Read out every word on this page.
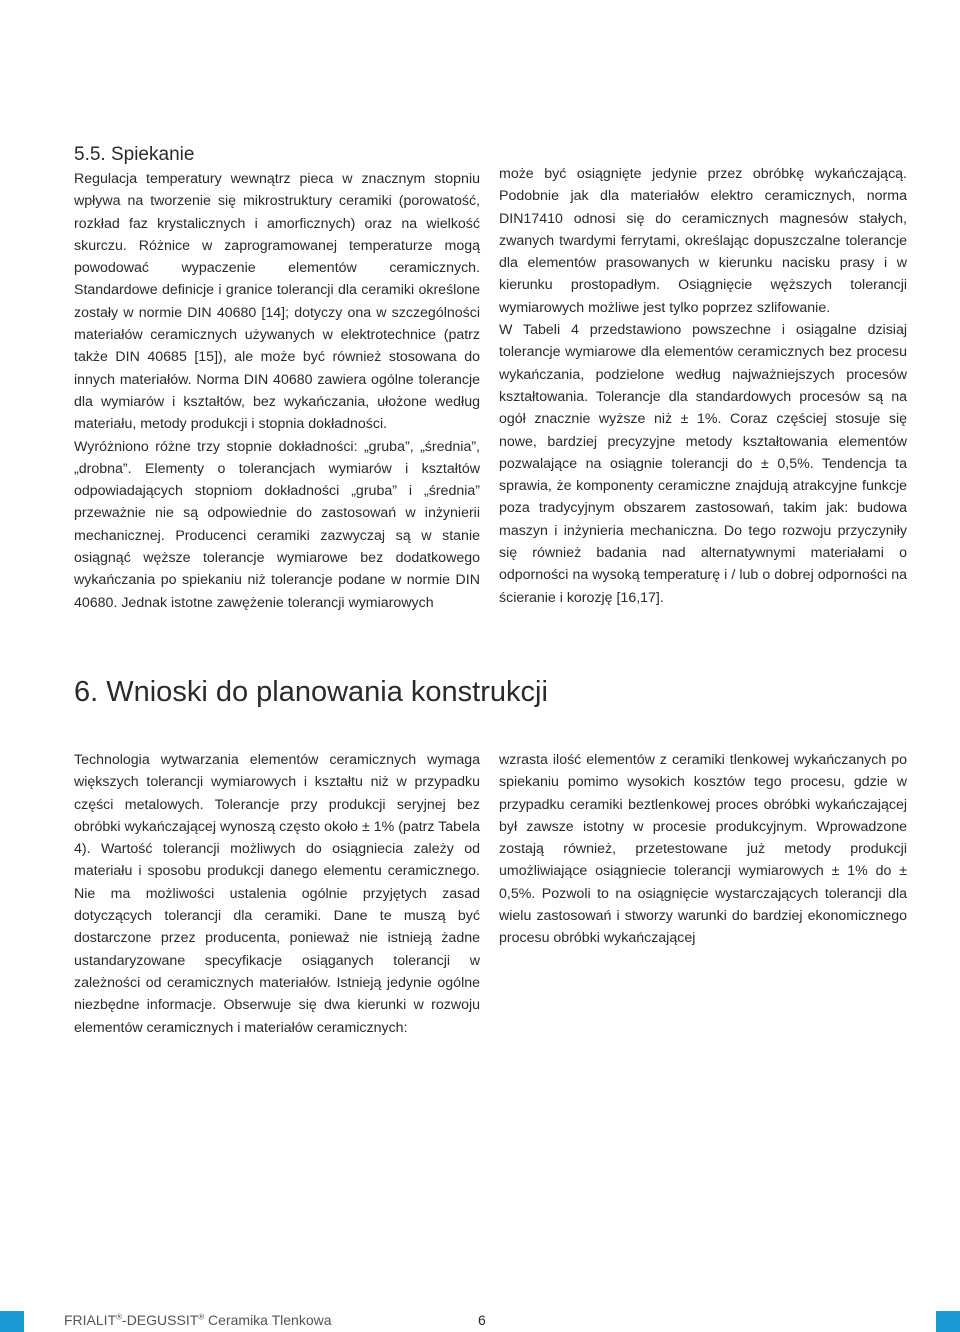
5.5. Spiekanie

Regulacja temperatury wewnątrz pieca w znacznym stopniu wpływa na tworzenie się mikrostruktury ceramiki (porowatość, rozkład faz krystalicznych i amorficznych) oraz na wielkość skurczu. Różnice w zaprogramowanej temperaturze mogą powodować wypaczenie elementów ceramicznych. Standardowe definicje i granice tolerancji dla ceramiki określone zostały w normie DIN 40680 [14]; dotyczy ona w szczególności materiałów ceramicznych używanych w elektrotechnice (patrz także DIN 40685 [15]), ale może być również stosowana do innych materiałów. Norma DIN 40680 zawiera ogólne tolerancje dla wymiarów i kształtów, bez wykańczania, ułożone według materiału, metody produkcji i stopnia dokładności.

Wyróżniono różne trzy stopnie dokładności: „gruba”, „średnia”, „drobna”. Elementy o tolerancjach wymiarów i kształtów odpowiadających stopniom dokładności „gruba” i „średnia” przeważnie nie są odpowiednie do zastosowań w inżynierii mechanicznej. Producenci ceramiki zazwyczaj są w stanie osiągnąć węższe tolerancje wymiarowe bez dodatkowego wykańczania po spiekaniu niż tolerancje podane w normie DIN 40680. Jednak istotne zawężenie tolerancji wymiarowych

może być osiągnięte jedynie przez obróbkę wykańczającą. Podobnie jak dla materiałów elektro ceramicznych, norma DIN17410 odnosi się do ceramicznych magnesów stałych, zwanych twardymi ferrytami, określając dopuszczalne tolerancje dla elementów prasowanych w kierunku nacisku prasy i w kierunku prostopadłym. Osiągnięcie węższych tolerancji wymiarowych możliwe jest tylko poprzez szlifowanie.

W Tabeli 4 przedstawiono powszechne i osiągalne dzisiaj tolerancje wymiarowe dla elementów ceramicznych bez procesu wykańczania, podzielone według najważniejszych procesów kształtowania. Tolerancje dla standardowych procesów są na ogół znacznie wyższe niż ± 1%. Coraz częściej stosuje się nowe, bardziej precyzyjne metody kształtowania elementów pozwalające na osiągnie tolerancji do ± 0,5%. Tendencja ta sprawia, że komponenty ceramiczne znajdują atrakcyjne funkcje poza tradycyjnym obszarem zastosowań, takim jak: budowa maszyn i inżynieria mechaniczna. Do tego rozwoju przyczyniły się również badania nad alternatywnymi materiałami o odporności na wysoką temperaturę i / lub o dobrej odporności na ścieranie i korozję [16,17].

6. Wnioski do planowania konstrukcji

Technologia wytwarzania elementów ceramicznych wymaga większych tolerancji wymiarowych i kształtu niż w przypadku części metalowych. Tolerancje przy produkcji seryjnej bez obróbki wykańczającej wynoszą często około ± 1% (patrz Tabela 4). Wartość tolerancji możliwych do osiągniecia zależy od materiału i sposobu produkcji danego elementu ceramicznego. Nie ma możliwości ustalenia ogólnie przyjętych zasad dotyczących tolerancji dla ceramiki. Dane te muszą być dostarczone przez producenta, ponieważ nie istnieją żadne ustandaryzowane specyfikacje osiąganych tolerancji w zależności od ceramicznych materiałów. Istnieją jedynie ogólne niezbędne informacje. Obserwuje się dwa kierunki w rozwoju elementów ceramicznych i materiałów ceramicznych:

wzrasta ilość elementów z ceramiki tlenkowej wykańczanych po spiekaniu pomimo wysokich kosztów tego procesu, gdzie w przypadku ceramiki beztlenkowej proces obróbki wykańczającej był zawsze istotny w procesie produkcyjnym. Wprowadzone zostają również, przetestowane już metody produkcji umożliwiające osiągniecie tolerancji wymiarowych ± 1% do ± 0,5%. Pozwoli to na osiągnięcie wystarczających tolerancji dla wielu zastosowań i stworzy warunki do bardziej ekonomicznego procesu obróbki wykańczającej

FRIALIT®-DEGUSSIT® Ceramika Tlenkowa	6
